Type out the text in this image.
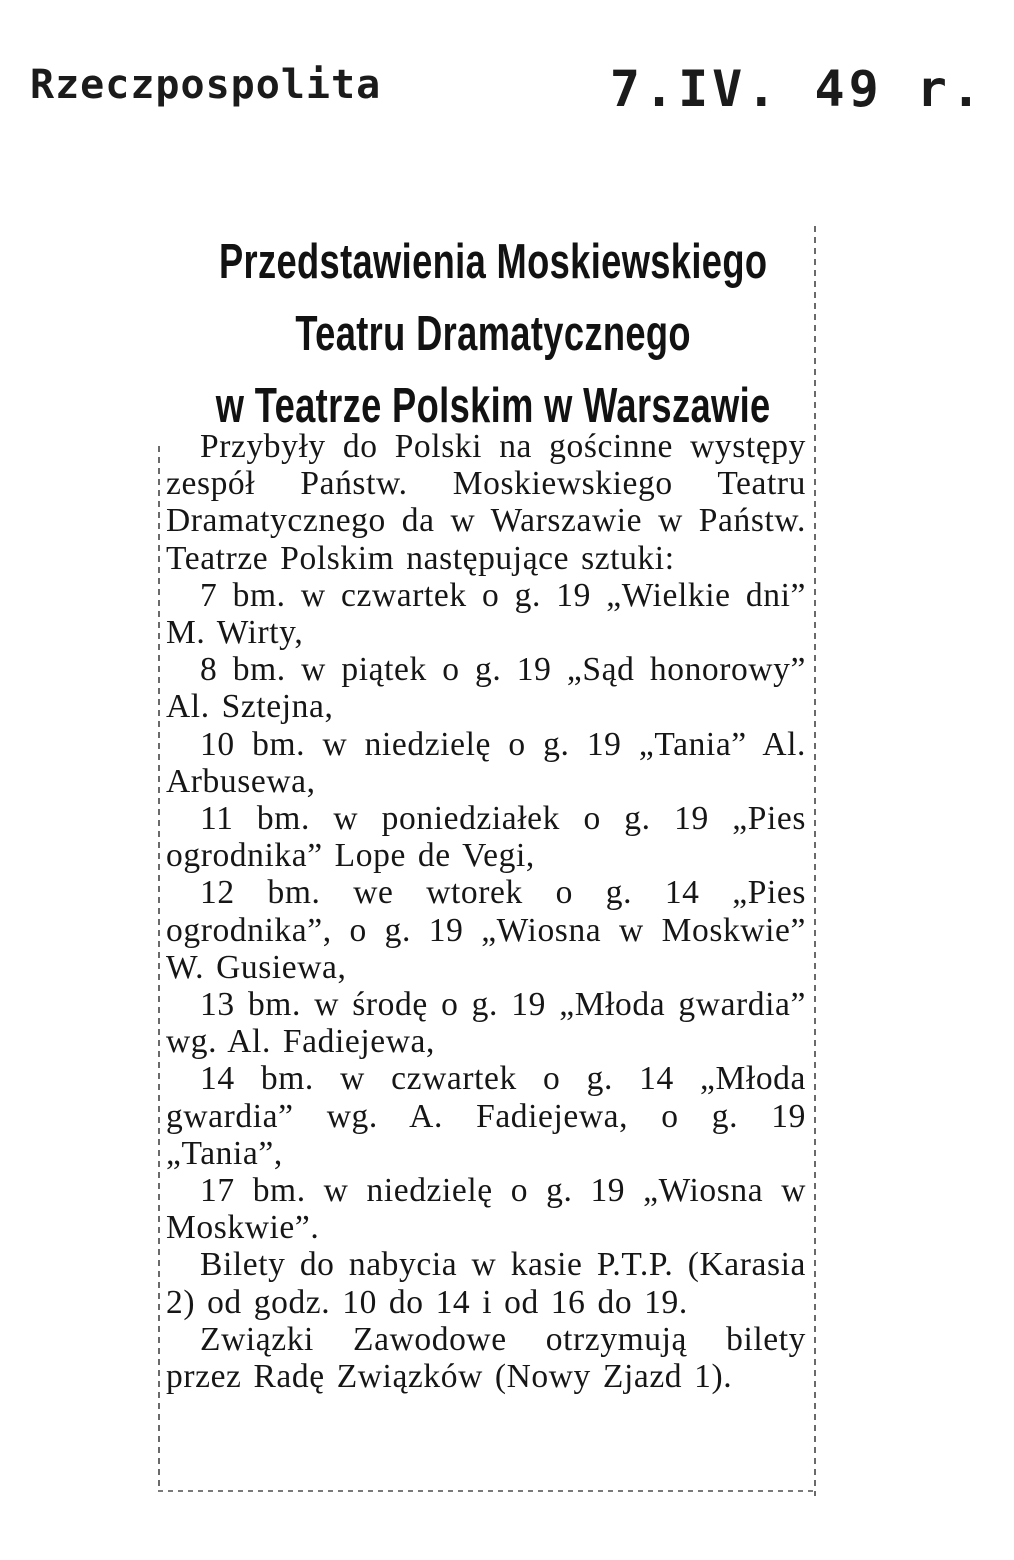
Rzeczpospolita	7.IV. 49 r.
Przedstawienia Moskiewskiego
Teatru Dramatycznego
w Teatrze Polskim w Warszawie

Przybyły do Polski na gościnne występy zespół Państw. Moskiewskiego Teatru Dramatycznego da w Warszawie w Państw. Teatrze Polskim następujące sztuki:

7 bm. w czwartek o g. 19 „Wielkie dni” M. Wirty,

8 bm. w piątek o g. 19 „Sąd honorowy” Al. Sztejna,

10 bm. w niedzielę o g. 19 „Tania” Al. Arbusewa,

11 bm. w poniedziałek o g. 19 „Pies ogrodnika” Lope de Vegi,

12 bm. we wtorek o g. 14 „Pies ogrodnika”, o g. 19 „Wiosna w Moskwie” W. Gusiewa,

13 bm. w środę o g. 19 „Młoda gwardia” wg. Al. Fadiejewa,

14 bm. w czwartek o g. 14 „Młoda gwardia” wg. A. Fadiejewa, o g. 19 „Tania”,

17 bm. w niedzielę o g. 19 „Wiosna w Moskwie”.

Bilety do nabycia w kasie P.T.P. (Karasia 2) od godz. 10 do 14 i od 16 do 19.

Związki Zawodowe otrzymują bilety przez Radę Związków (Nowy Zjazd 1).
